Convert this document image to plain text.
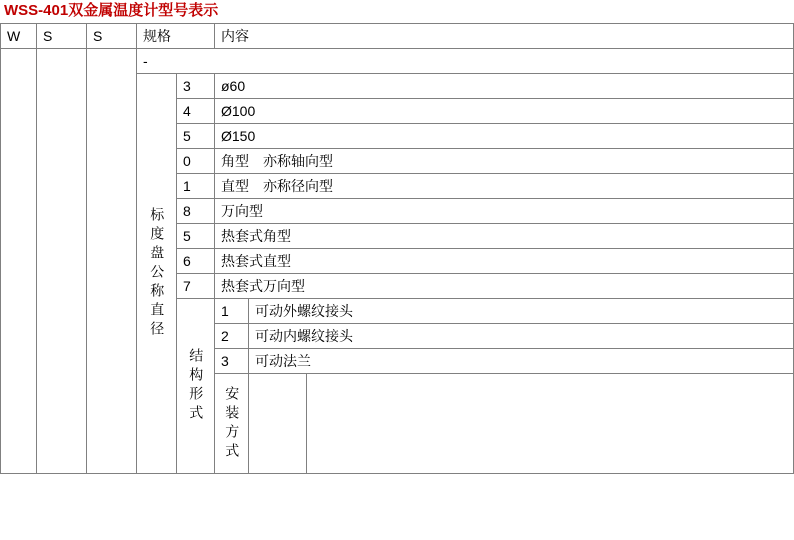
WSS-401双金属温度计型号表示
W	S	S	规格		内容		
			-				

			标度盘公称直径	3	ø60		
				4	Ø100		
				5	Ø150		
				0	角型　亦称轴向型		
				1	直型　亦称径向型		
				8	万向型		
				5	热套式角型		
				6	热套式直型		
				7	热套式万向型		

				结构形式	1	可动外螺纹接头	
					2	可动内螺纹接头	
					3	可动法兰	

					安装方式		
